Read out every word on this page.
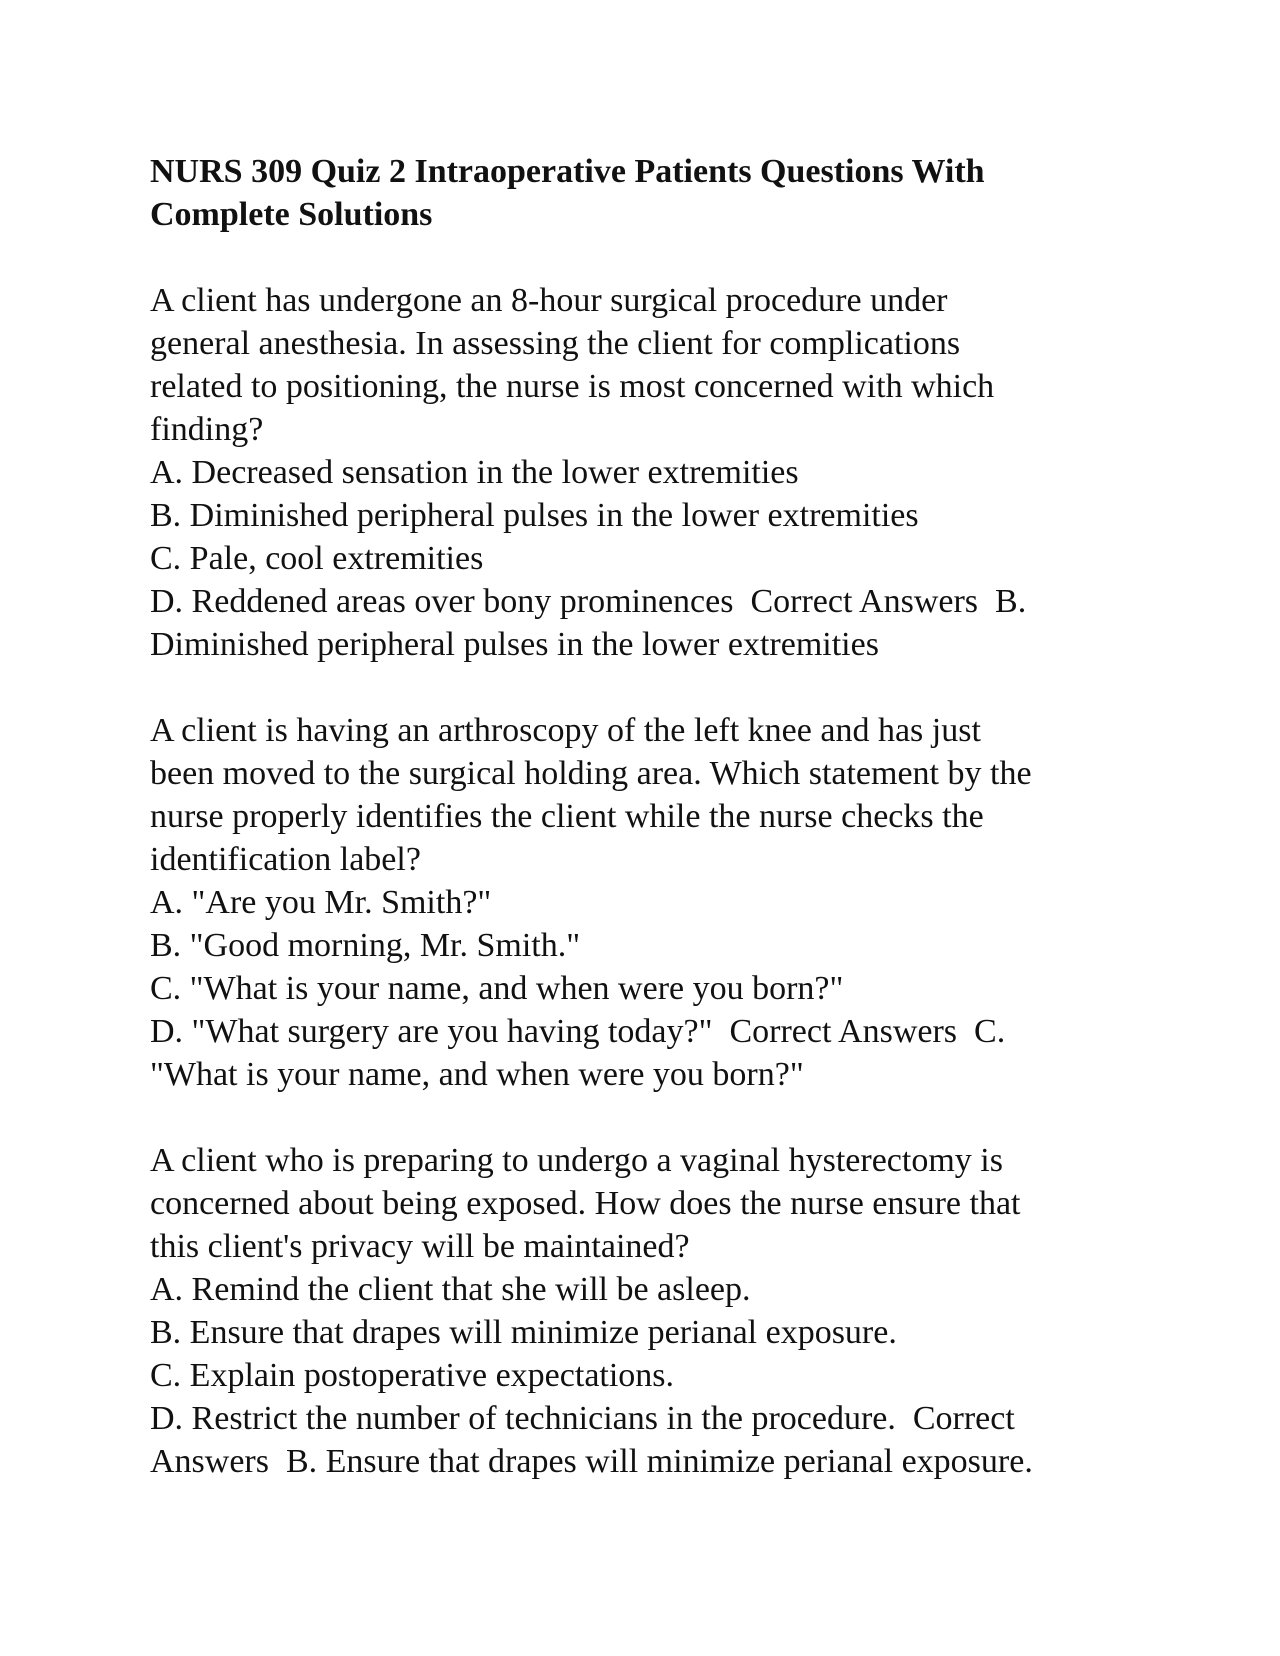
NURS 309 Quiz 2 Intraoperative Patients Questions With
Complete Solutions

A client has undergone an 8-hour surgical procedure under
general anesthesia. In assessing the client for complications
related to positioning, the nurse is most concerned with which
finding?

A. Decreased sensation in the lower extremities
B. Diminished peripheral pulses in the lower extremities
C. Pale, cool extremities
D. Reddened areas over bony prominences  Correct Answers  B.
Diminished peripheral pulses in the lower extremities

A client is having an arthroscopy of the left knee and has just
been moved to the surgical holding area. Which statement by the
nurse properly identifies the client while the nurse checks the
identification label?

A. "Are you Mr. Smith?"
B. "Good morning, Mr. Smith."
C. "What is your name, and when were you born?"
D. "What surgery are you having today?"  Correct Answers  C.
"What is your name, and when were you born?"

A client who is preparing to undergo a vaginal hysterectomy is
concerned about being exposed. How does the nurse ensure that
this client's privacy will be maintained?

A. Remind the client that she will be asleep.
B. Ensure that drapes will minimize perianal exposure.
C. Explain postoperative expectations.
D. Restrict the number of technicians in the procedure.  Correct
Answers  B. Ensure that drapes will minimize perianal exposure.
